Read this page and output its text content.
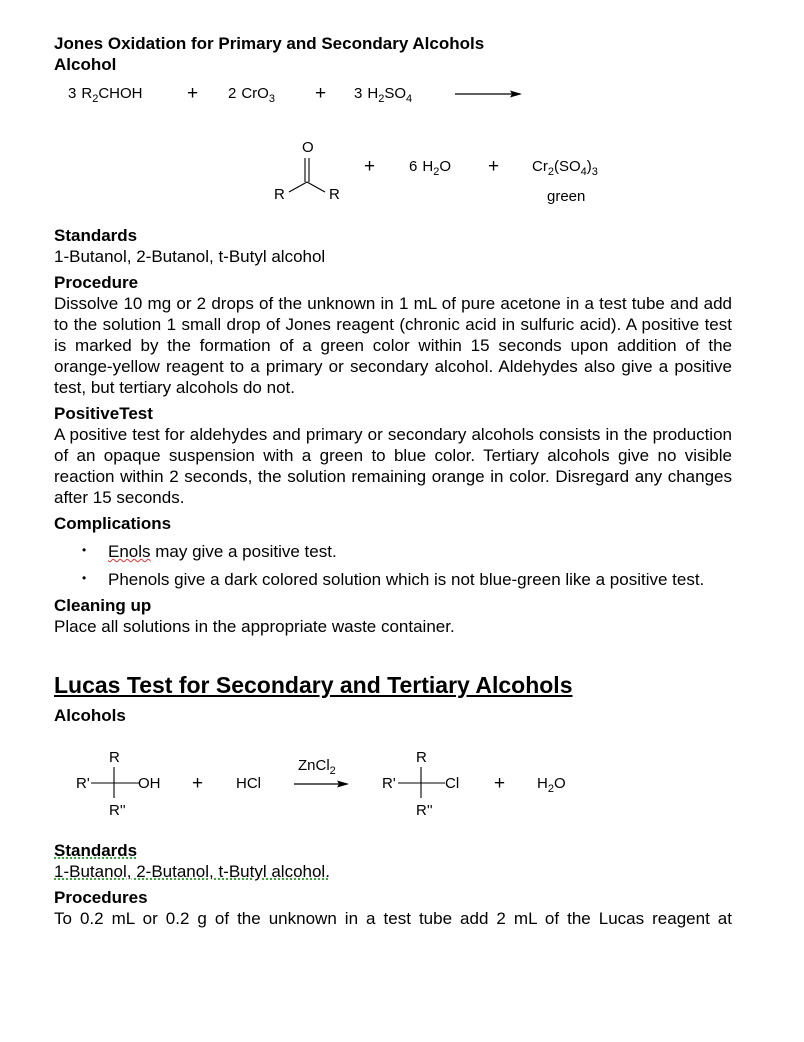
Jones Oxidation for Primary and Secondary Alcohols
Alcohol
3 $R_2CHOH + 2$ CrO$_3$ + 3 $H_2SO_4$
O
R	R
+ 6 $H_2O + Cr_2(SO_4)_3$
green
Standards

1-Butanol, 2-Butanol, t-Butyl alcohol

Procedure

Dissolve 10 mg or 2 drops of the unknown in 1 mL of pure acetone in a test tube and add to the solution 1 small drop of Jones reagent (chronic acid in sulfuric acid). A positive test is marked by the formation of a green color within 15 seconds upon addition of the orange-yellow reagent to a primary or secondary alcohol. Aldehydes also give a positive test, but tertiary alcohols do not.

PositiveTest

A positive test for aldehydes and primary or secondary alcohols consists in the production of an opaque suspension with a green to blue color. Tertiary alcohols give no visible reaction within 2 seconds, the solution remaining orange in color. Disregard any changes after 15 seconds.

Complications
• Enols may give a positive test.
• Phenols give a dark colored solution which is not blue-green like a positive test.
Cleaning up

Place all solutions in the appropriate waste container.

Lucas Test for Secondary and Tertiary Alcohols
Alcohols
R
R'	OH
R''
+ HCl
ZnCl$_2$
R
R'	Cl
R''
+ $H_2O$
Standards

1-Butanol, 2-Butanol, t-Butyl alcohol.

Procedures

To 0.2 mL or 0.2 g of the unknown in a test tube add 2 mL of the Lucas reagent at
